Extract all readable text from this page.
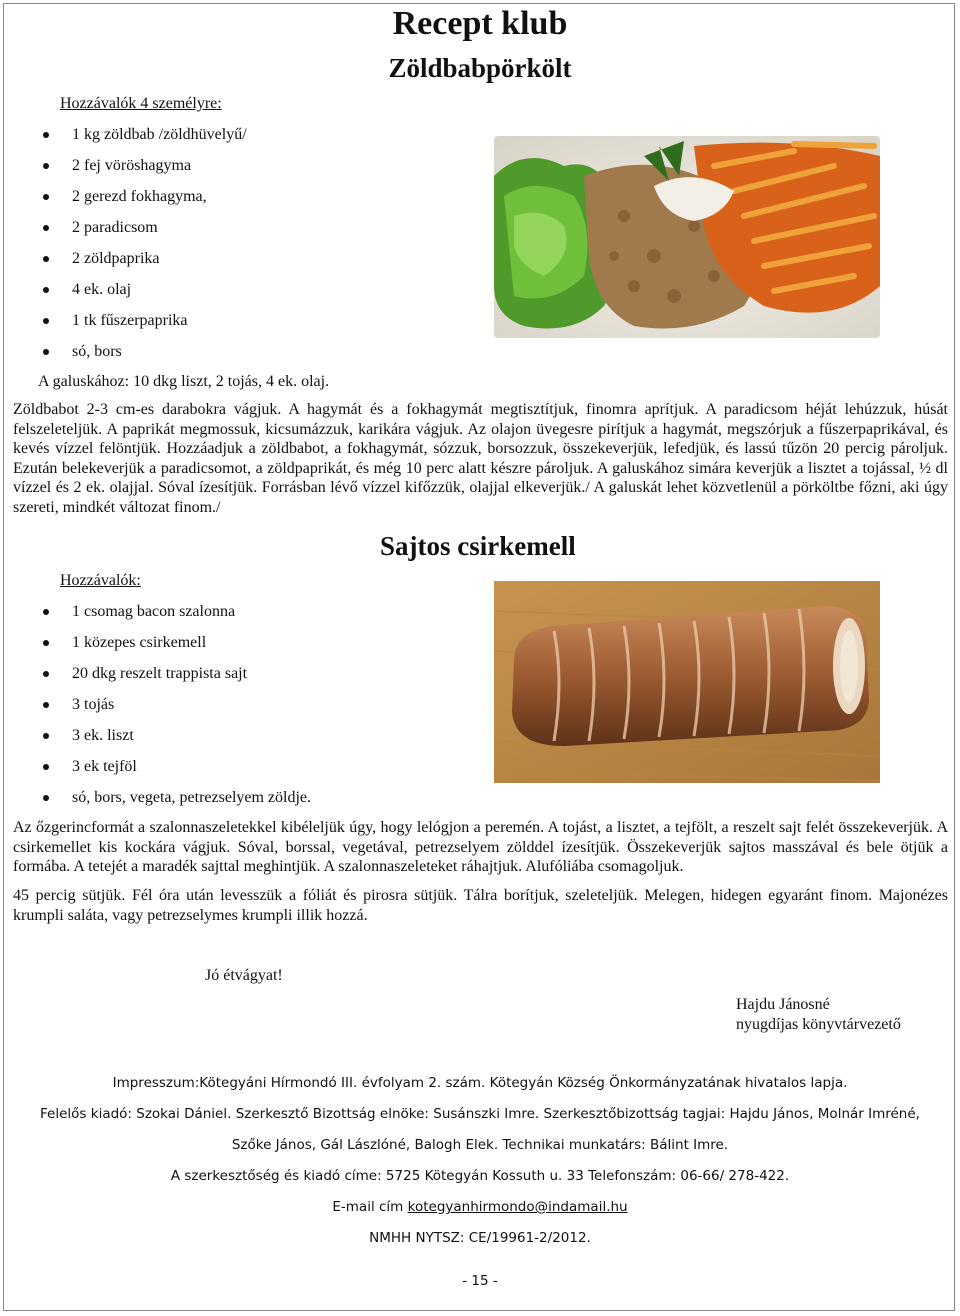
Recept klub
Zöldbabpörkölt
Hozzávalók 4 személyre:
1 kg zöldbab /zöldhüvelyű/
2 fej vöröshagyma
2 gerezd fokhagyma,
2 paradicsom
2 zöldpaprika
4 ek. olaj
1 tk fűszerpaprika
só, bors
A galuskához: 10 dkg liszt, 2 tojás, 4 ek. olaj.
Zöldbabot 2-3 cm-es darabokra vágjuk. A hagymát és a fokhagymát megtisztítjuk, finomra aprítjuk. A paradicsom héját lehúzzuk, húsát felszeleteljük. A paprikát megmossuk, kicsumázzuk, karikára vágjuk. Az olajon üvegesre pirítjuk a hagymát, megszórjuk a fűszerpaprikával, és kevés vízzel felöntjük. Hozzáadjuk a zöldbabot, a fokhagymát, sózzuk, borsozzuk, összekeverjük, lefedjük, és lassú tűzön 20 percig pároljuk. Ezután belekeverjük a paradicsomot, a zöldpaprikát, és még 10 perc alatt készre pároljuk. A galuskához simára keverjük a lisztet a tojással, ½ dl vízzel és 2 ek. olajjal. Sóval ízesítjük. Forrásban lévő vízzel kifőzzük, olajjal elkeverjük./ A galuskát lehet közvetlenül a pörköltbe főzni, aki úgy szereti, mindkét változat finom./
Sajtos csirkemell
Hozzávalók:
1 csomag bacon szalonna
1 közepes csirkemell
20 dkg reszelt trappista sajt
3 tojás
3 ek. liszt
3 ek tejföl
só, bors, vegeta, petrezselyem zöldje.
Az őzgerincformát a szalonnaszeletekkel kibéleljük úgy, hogy lelógjon a peremén. A tojást, a lisztet, a tejfölt, a reszelt sajt felét összekeverjük. A csirkemellet kis kockára vágjuk. Sóval, borssal, vegetával, petrezselyem zölddel ízesítjük. Összekeverjük sajtos masszával és bele ötjük a formába. A tetejét a maradék sajttal meghintjük. A szalonnaszeleteket ráhajtjuk. Alufóliába csomagoljuk.
45 percig sütjük. Fél óra után levesszük a fóliát és pirosra sütjük. Tálra borítjuk, szeleteljük. Melegen, hidegen egyaránt finom. Majonézes krumpli saláta, vagy petrezselymes krumpli illik hozzá.
Jó étvágyat!
Hajdu Jánosné
nyugdíjas könyvtárvezető
Impresszum:Kötegyáni Hírmondó III. évfolyam 2. szám. Kötegyán Község Önkormányzatának hivatalos lapja.
Felelős kiadó: Szokai Dániel. Szerkesztő Bizottság elnöke: Susánszki Imre. Szerkesztőbizottság tagjai: Hajdu János, Molnár Imréné,
Szőke János, Gál Lászlóné, Balogh Elek. Technikai munkatárs: Bálint Imre.
A szerkesztőség és kiadó címe: 5725 Kötegyán Kossuth u. 33 Telefonszám: 06-66/ 278-422.
E-mail cím kotegyanhirmondo@indamail.hu
NMHH NYTSZ: CE/19961-2/2012.
- 15 -
